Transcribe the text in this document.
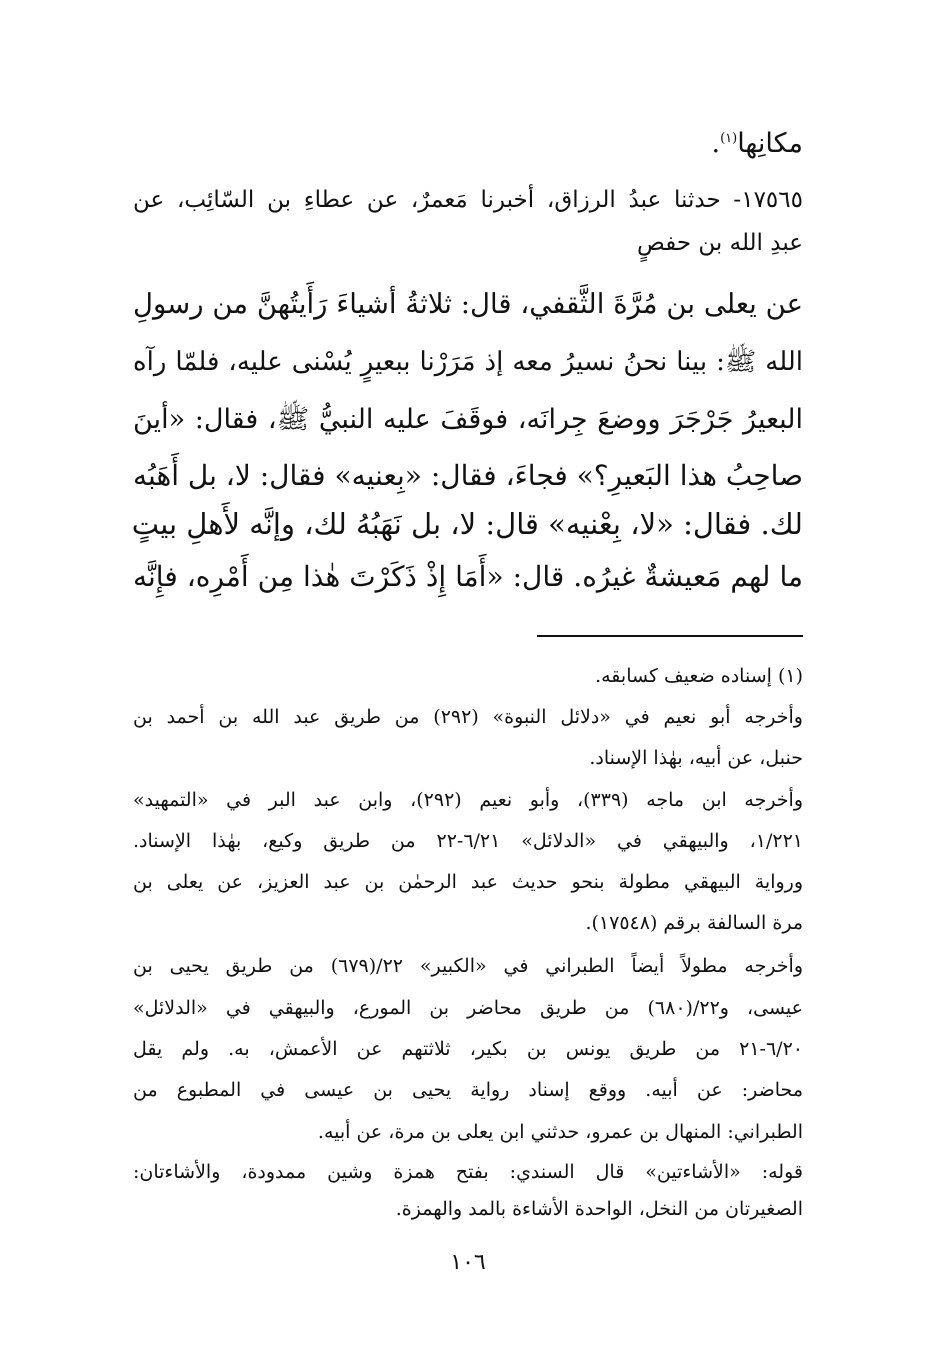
مكانِها$^{(١)}$.

١٧٥٦٥- حدثنا عبدُ الرزاق، أخبرنا مَعمرٌ، عن عطاءِ بن السّائِب، عن

عبدِ الله بن حفصٍ

عن يعلى بن مُرَّةَ الثَّقفي، قال: ثلاثةُ أشياءَ رَأَيتُهنَّ من رسولِ

الله ﷺ: بينا نحنُ نسيرُ معه إذ مَرَرْنا ببعيرٍ يُسْنى عليه، فلمّا رآه

البعيرُ جَرْجَرَ ووضعَ جِرانَه، فوقَفَ عليه النبيُّ ﷺ، فقال: «أينَ

صاحِبُ هذا البَعيرِ؟» فجاءَ، فقال: «بِعنيه» فقال: لا، بل أَهَبُه

لك. فقال: «لا، بِعْنيه» قال: لا، بل نَهَبُهُ لك، وإنَّه لأَهلِ بيتٍ

ما لهم مَعيشةٌ غيرُه. قال: «أَمَا إِذْ ذَكَرْتَ هٰذا مِن أَمْرِه، فإِنَّه

(١) إسناده ضعيف كسابقه.

وأخرجه أبو نعيم في «دلائل النبوة» (٢٩٢) من طريق عبد الله بن أحمد بن

حنبل، عن أبيه، بهٰذا الإسناد.

وأخرجه ابن ماجه (٣٣٩)، وأبو نعيم (٢٩٢)، وابن عبد البر في «التمهيد»

١/٢٢١، والبيهقي في «الدلائل» ٦/٢١-٢٢ من طريق وكيع، بهٰذا الإسناد.

ورواية البيهقي مطولة بنحو حديث عبد الرحمٰن بن عبد العزيز، عن يعلى بن

مرة السالفة برقم (١٧٥٤٨).

وأخرجه مطولاً أيضاً الطبراني في «الكبير» ٢٢/(٦٧٩) من طريق يحيى بن

عيسى، و٢٢/(٦٨٠) من طريق محاضر بن المورع، والبيهقي في «الدلائل»

٦/٢٠-٢١ من طريق يونس بن بكير، ثلاثتهم عن الأعمش، به. ولم يقل

محاضر: عن أبيه. ووقع إسناد رواية يحيى بن عيسى في المطبوع من

الطبراني: المنهال بن عمرو، حدثني ابن يعلى بن مرة، عن أبيه.

قوله: «الأشاءتين» قال السندي: بفتح همزة وشين ممدودة، والأشاءتان:

الصغيرتان من النخل، الواحدة الأشاءة بالمد والهمزة.

١٠٦
